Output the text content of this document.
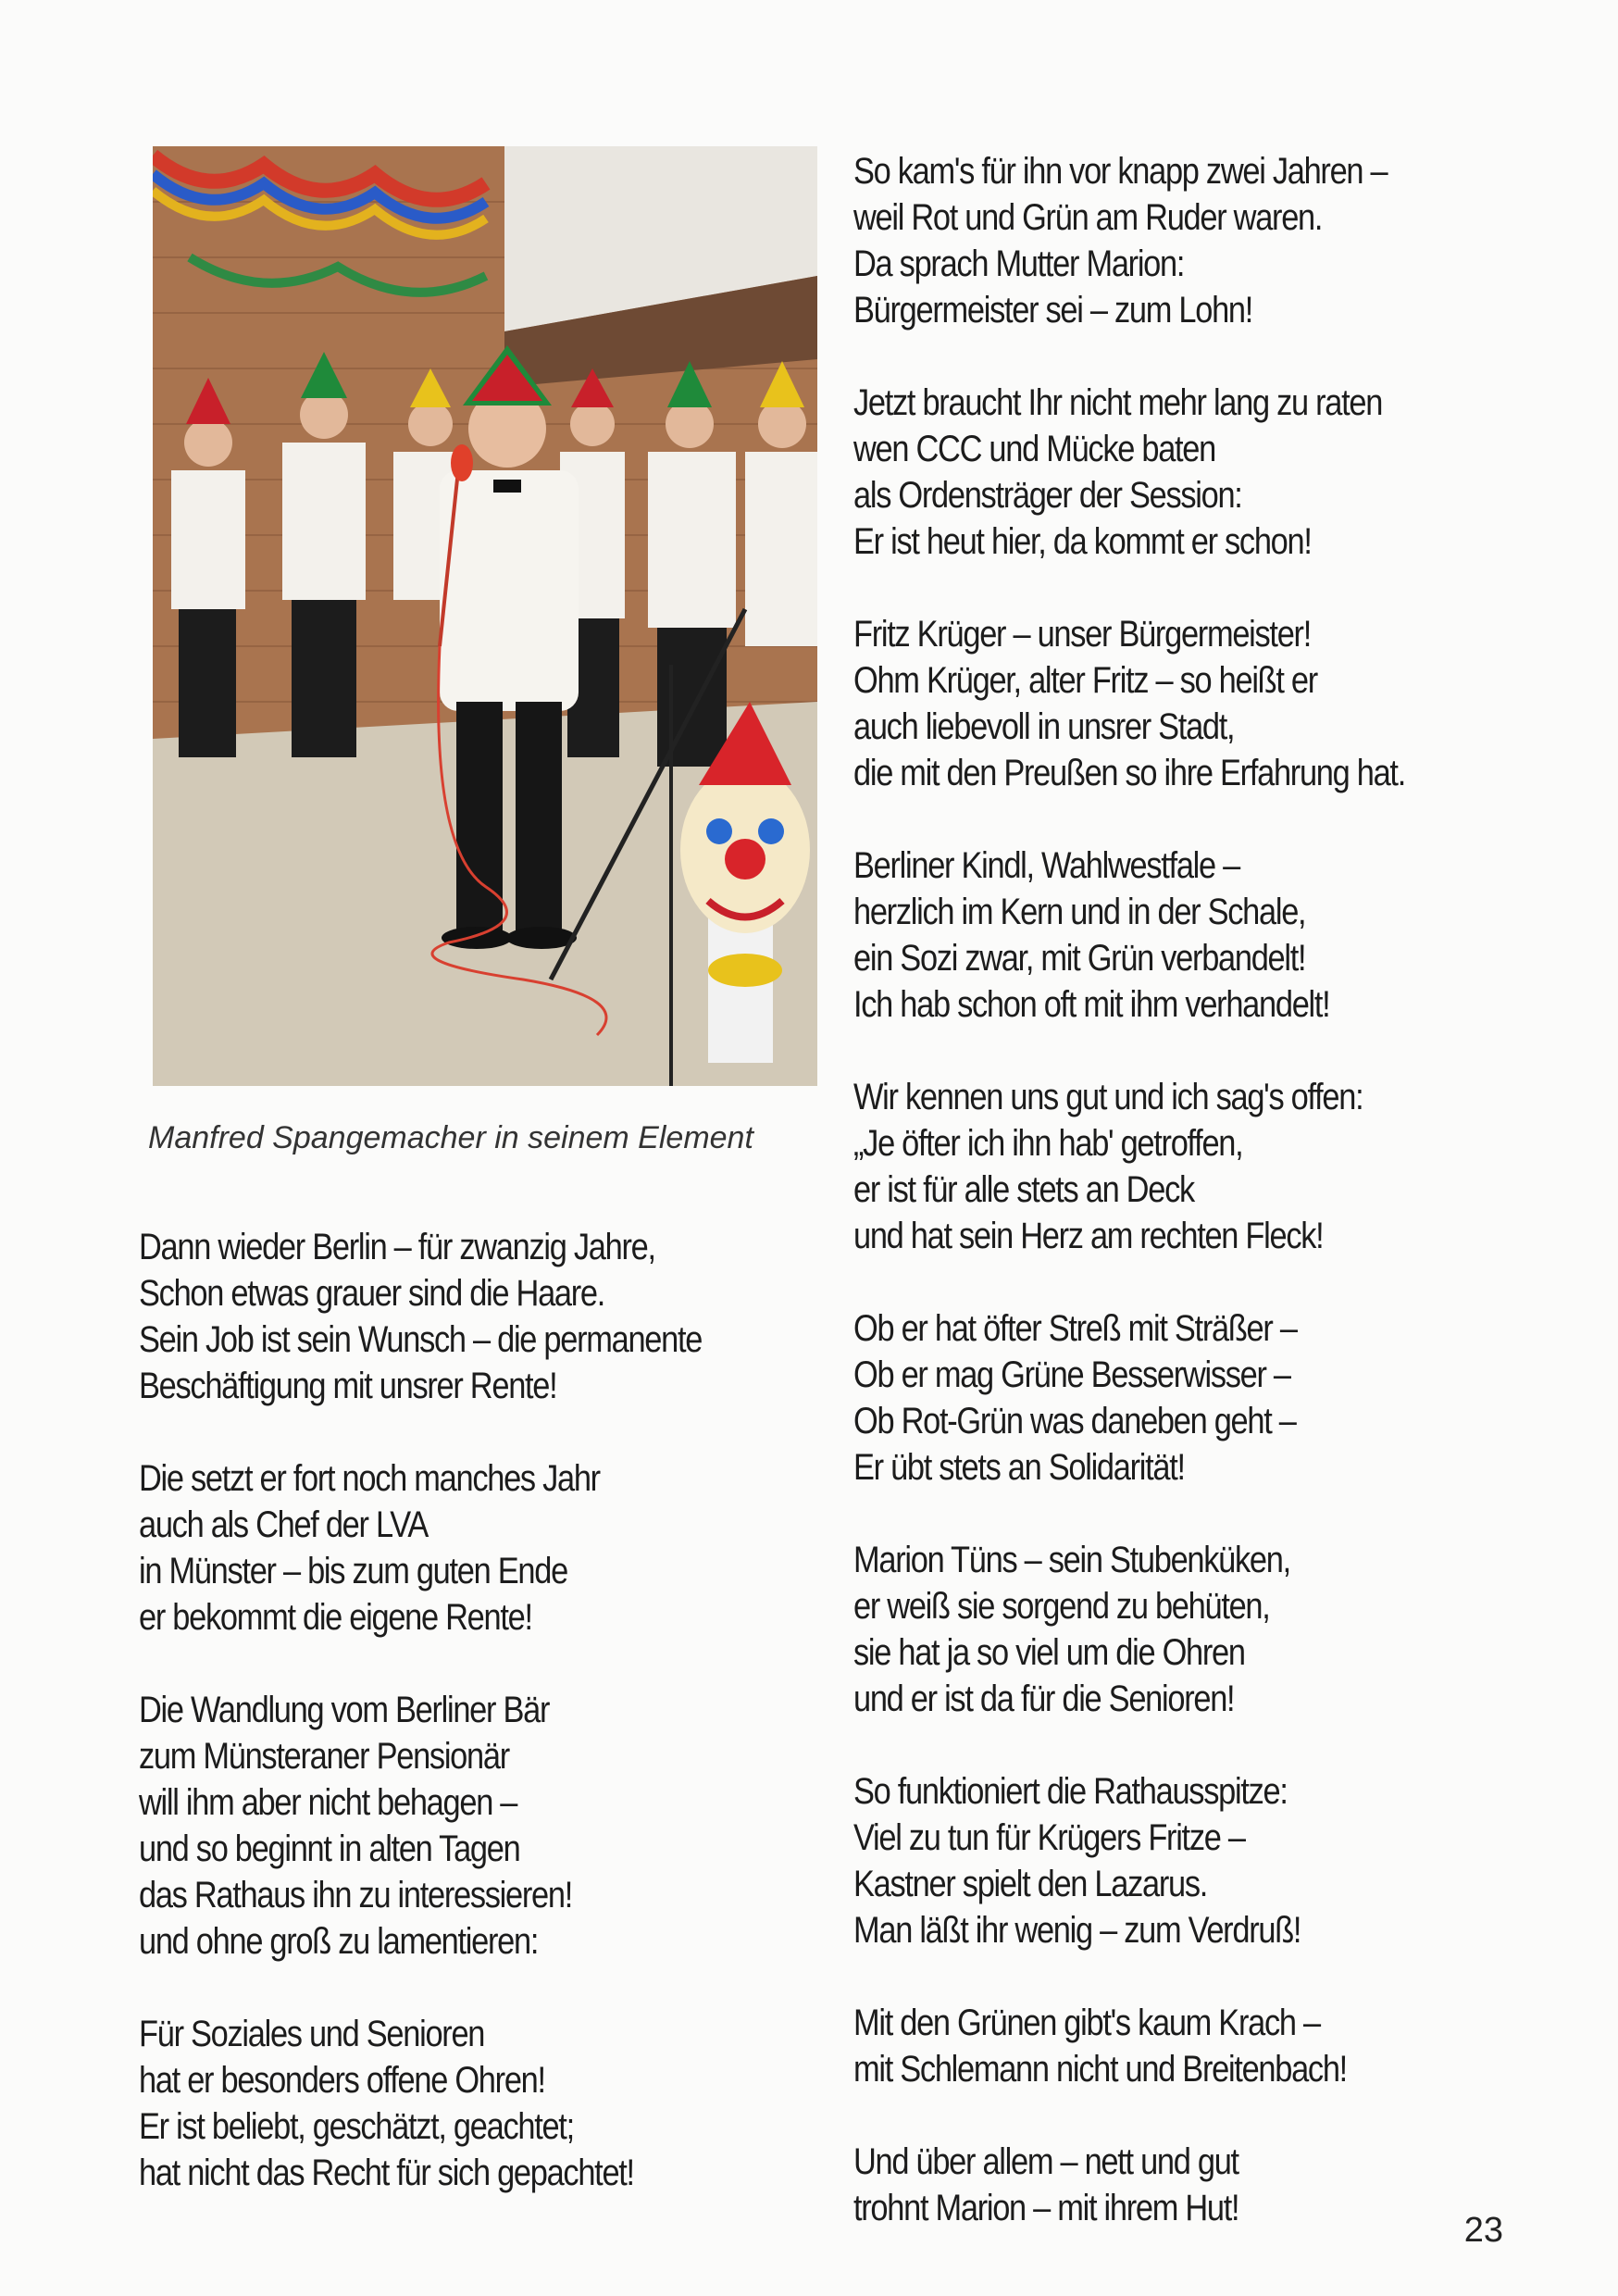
Manfred Spangemacher in seinem Element
Dann wieder Berlin – für zwanzig Jahre,
Schon etwas grauer sind die Haare.
Sein Job ist sein Wunsch – die permanente
Beschäftigung mit unsrer Rente!
Die setzt er fort noch manches Jahr
auch als Chef der LVA
in Münster – bis zum guten Ende
er bekommt die eigene Rente!
Die Wandlung vom Berliner Bär
zum Münsteraner Pensionär
will ihm aber nicht behagen –
und so beginnt in alten Tagen
das Rathaus ihn zu interessieren!
und ohne groß zu lamentieren:
Für Soziales und Senioren
hat er besonders offene Ohren!
Er ist beliebt, geschätzt, geachtet;
hat nicht das Recht für sich gepachtet!
So kam's für ihn vor knapp zwei Jahren –
weil Rot und Grün am Ruder waren.
Da sprach Mutter Marion:
Bürgermeister sei – zum Lohn!
Jetzt braucht Ihr nicht mehr lang zu raten
wen CCC und Mücke baten
als Ordensträger der Session:
Er ist heut hier, da kommt er schon!
Fritz Krüger – unser Bürgermeister!
Ohm Krüger, alter Fritz – so heißt er
auch liebevoll in unsrer Stadt,
die mit den Preußen so ihre Erfahrung hat.
Berliner Kindl, Wahlwestfale –
herzlich im Kern und in der Schale,
ein Sozi zwar, mit Grün verbandelt!
Ich hab schon oft mit ihm verhandelt!
Wir kennen uns gut und ich sag's offen:
„Je öfter ich ihn hab' getroffen,
er ist für alle stets an Deck
und hat sein Herz am rechten Fleck!
Ob er hat öfter Streß mit Sträßer –
Ob er mag Grüne Besserwisser –
Ob Rot-Grün was daneben geht –
Er übt stets an Solidarität!
Marion Tüns – sein Stubenküken,
er weiß sie sorgend zu behüten,
sie hat ja so viel um die Ohren
und er ist da für die Senioren!
So funktioniert die Rathausspitze:
Viel zu tun für Krügers Fritze –
Kastner spielt den Lazarus.
Man läßt ihr wenig – zum Verdruß!
Mit den Grünen gibt's kaum Krach –
mit Schlemann nicht und Breitenbach!
Und über allem – nett und gut
trohnt Marion – mit ihrem Hut!
23
